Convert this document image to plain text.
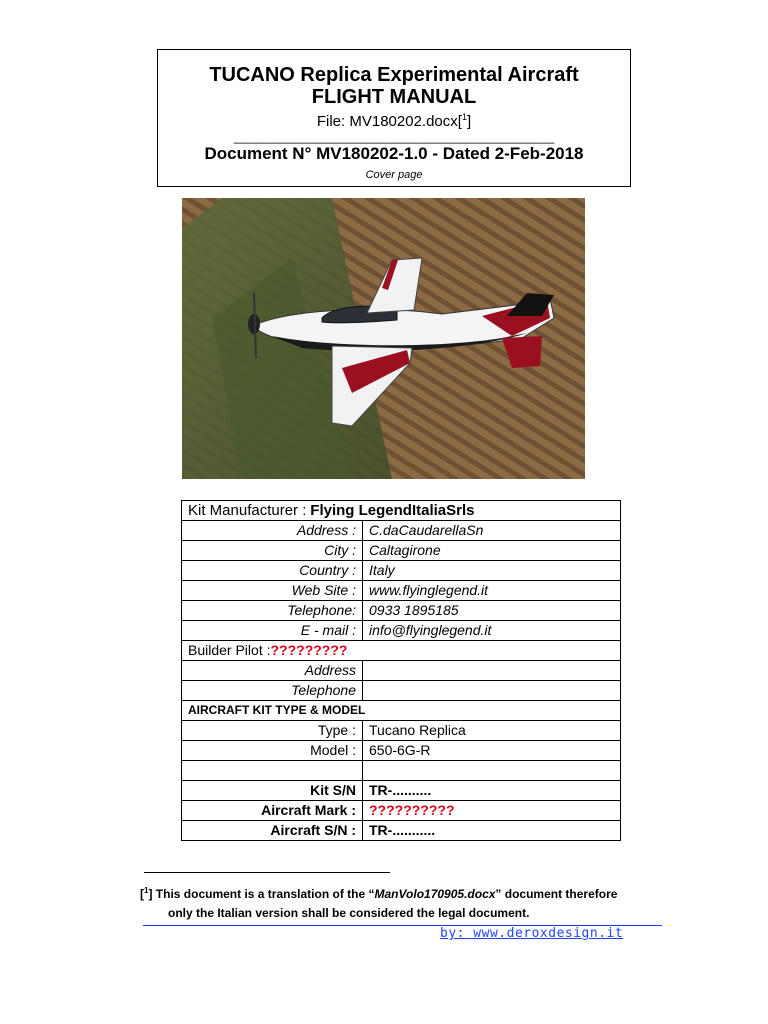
TUCANO Replica Experimental Aircraft
FLIGHT MANUAL
File: MV180202.docx[$^1$]
________________________________________________
Document N° MV180202-1.0 - Dated 2-Feb-2018
Cover page
Kit Manufacturer : Flying LegendItaliaSrls	
Address :	C.daCaudarellaSn
City :	Caltagirone
Country :	Italy
Web Site :	www.flyinglegend.it
Telephone:	0933 1895185
E - mail :	info@flyinglegend.it
Builder Pilot :?????????	
Address	
Telephone	
AIRCRAFT KIT TYPE & MODEL	
Type :	Tucano Replica
Model :	650-6G-R

Kit S/N	TR-..........
Aircraft Mark :	??????????
Aircraft S/N :	TR-...........
[$^1$] This document is a translation of the “ManVolo170905.docx” document therefore
only the Italian version shall be considered the legal document.
by: www.deroxdesign.it
